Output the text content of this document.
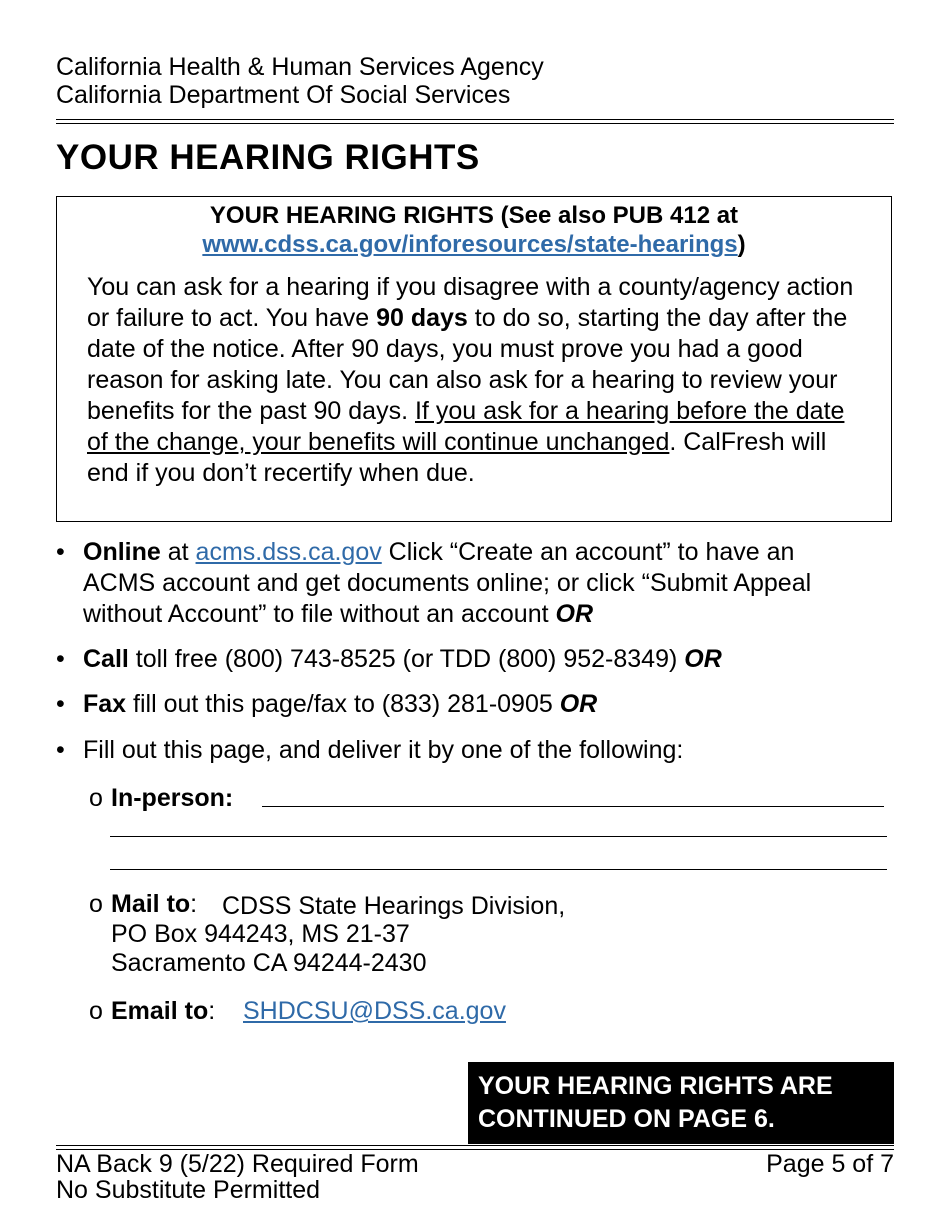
California Health & Human Services Agency
California Department Of Social Services
YOUR HEARING RIGHTS
YOUR HEARING RIGHTS (See also PUB 412 at
www.cdss.ca.gov/inforesources/state-hearings)
You can ask for a hearing if you disagree with a county/agency action or failure to act. You have 90 days to do so, starting the day after the date of the notice. After 90 days, you must prove you had a good reason for asking late. You can also ask for a hearing to review your benefits for the past 90 days. If you ask for a hearing before the date of the change, your benefits will continue unchanged. CalFresh will end if you don’t recertify when due.
• Online at acms.dss.ca.gov Click “Create an account” to have an ACMS account and get documents online; or click “Submit Appeal without Account” to file without an account OR
• Call toll free (800) 743-8525 (or TDD (800) 952-8349) OR
• Fax fill out this page/fax to (833) 281-0905 OR
• Fill out this page, and deliver it by one of the following:
o In-person:
o Mail to: CDSS State Hearings Division,
PO Box 944243, MS 21-37
Sacramento CA 94244-2430
o Email to: SHDCSU@DSS.ca.gov
YOUR HEARING RIGHTS ARE
CONTINUED ON PAGE 6.
NA Back 9 (5/22) Required Form
No Substitute Permitted
Page 5 of 7
